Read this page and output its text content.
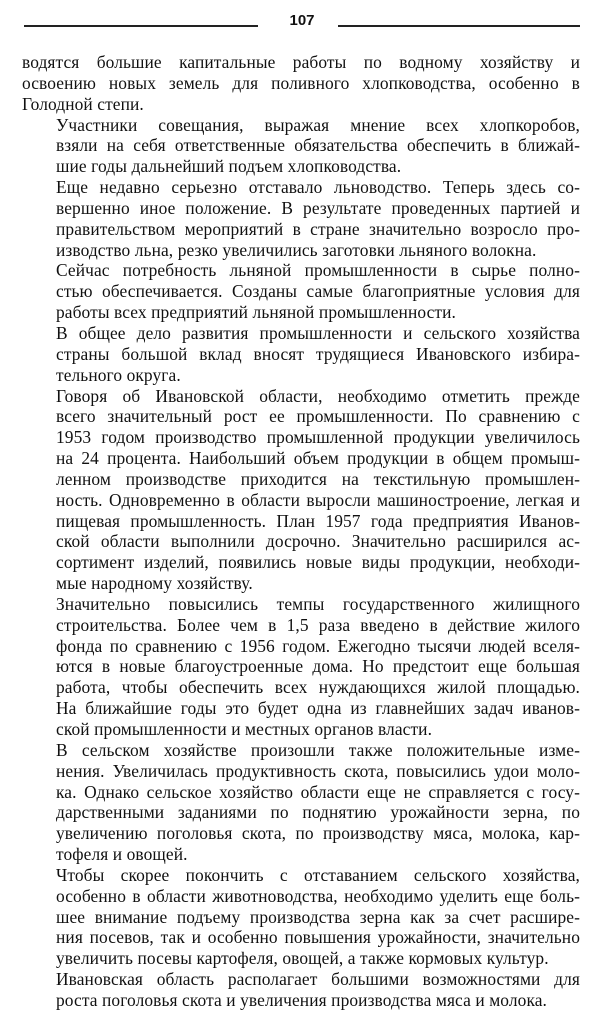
107
водятся большие капитальные работы по водному хозяйству и
освоению новых земель для поливного хлопководства, особенно в
Голодной степи.
Участники совещания, выражая мнение всех хлопкоробов,
взяли на себя ответственные обязательства обеспечить в ближай-
шие годы дальнейший подъем хлопководства.
Еще недавно серьезно отставало льноводство. Теперь здесь со-
вершенно иное положение. В результате проведенных партией и
правительством мероприятий в стране значительно возросло про-
изводство льна, резко увеличились заготовки льняного волокна.
Сейчас потребность льняной промышленности в сырье полно-
стью обеспечивается. Созданы самые благоприятные условия для
работы всех предприятий льняной промышленности.
В общее дело развития промышленности и сельского хозяйства
страны большой вклад вносят трудящиеся Ивановского избира-
тельного округа.
Говоря об Ивановской области, необходимо отметить прежде
всего значительный рост ее промышленности. По сравнению с
1953 годом производство промышленной продукции увеличилось
на 24 процента. Наибольший объем продукции в общем промыш-
ленном производстве приходится на текстильную промышлен-
ность. Одновременно в области выросли машиностроение, легкая и
пищевая промышленность. План 1957 года предприятия Иванов-
ской области выполнили досрочно. Значительно расширился ас-
сортимент изделий, появились новые виды продукции, необходи-
мые народному хозяйству.
Значительно повысились темпы государственного жилищного
строительства. Более чем в 1,5 раза введено в действие жилого
фонда по сравнению с 1956 годом. Ежегодно тысячи людей вселя-
ются в новые благоустроенные дома. Но предстоит еще большая
работа, чтобы обеспечить всех нуждающихся жилой площадью.
На ближайшие годы это будет одна из главнейших задач иванов-
ской промышленности и местных органов власти.
В сельском хозяйстве произошли также положительные изме-
нения. Увеличилась продуктивность скота, повысились удои моло-
ка. Однако сельское хозяйство области еще не справляется с госу-
дарственными заданиями по поднятию урожайности зерна, по
увеличению поголовья скота, по производству мяса, молока, кар-
тофеля и овощей.
Чтобы скорее покончить с отставанием сельского хозяйства,
особенно в области животноводства, необходимо уделить еще боль-
шее внимание подъему производства зерна как за счет расшире-
ния посевов, так и особенно повышения урожайности, значительно
увеличить посевы картофеля, овощей, а также кормовых культур.
Ивановская область располагает большими возможностями для
роста поголовья скота и увеличения производства мяса и молока.
